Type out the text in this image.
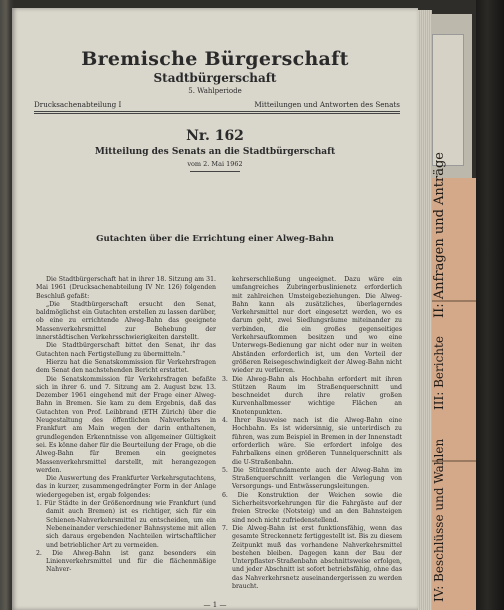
II: Anfragen und Anträge
III: Berichte
IV: Beschlüsse und Wahlen
Bremische Bürgerschaft
Stadtbürgerschaft
5. Wahlperiode
Drucksachenabteilung I	Mitteilungen und Antworten des Senats
Nr. 162
Mitteilung des Senats an die Stadtbürgerschaft
vom 2. Mai 1962
Gutachten über die Errichtung einer Alweg-Bahn

Die Stadtbürgerschaft hat in ihrer 18. Sitzung am 31. Mai 1961 (Drucksachenabteilung IV Nr. 126) folgenden Beschluß gefaßt:

„Die Stadtbürgerschaft ersucht den Senat, baldmöglichst ein Gutachten erstellen zu lassen darüber, ob eine zu errichtende Alweg-Bahn das geeignete Massenverkehrsmittel zur Behebung der innerstädtischen Verkehrsschwierigkeiten darstellt.

Die Stadtbürgerschaft bittet den Senat, ihr das Gutachten nach Fertigstellung zu übermitteln.“

Hierzu hat die Senatskommission für Verkehrsfragen dem Senat den nachstehenden Bericht erstattet.

Die Senatskommission für Verkehrsfragen befaßte sich in ihrer 6. und 7. Sitzung am 2. August bzw. 13. Dezember 1961 eingehend mit der Frage einer Alweg-Bahn in Bremen. Sie kam zu dem Ergebnis, daß das Gutachten von Prof. Leibbrand (ETH Zürich) über die Neugestaltung des öffentlichen Nahverkehrs in Frankfurt am Main wegen der darin enthaltenen, grundlegenden Erkenntnisse von allgemeiner Gültigkeit sei. Es könne daher für die Beurteilung der Frage, ob die Alweg-Bahn für Bremen ein geeignetes Massenverkehrsmittel darstellt, mit herangezogen werden.

Die Auswertung des Frankfurter Verkehrsgutachtens, das in kurzer, zusammengedrängter Form in der Anlage wiedergegeben ist, ergab folgendes:

1. Für Städte in der Größenordnung wie Frankfurt (und damit auch Bremen) ist es richtiger, sich für ein Schienen-Nahverkehrsmittel zu entscheiden, um ein Nebeneinander verschiedener Bahnsysteme mit allen sich daraus ergebenden Nachteilen wirtschaftlicher und betrieblicher Art zu vermeiden.

2. Die Alweg-Bahn ist ganz besonders ein Linienverkehrsmittel und für die flächenmäßige Nahver-

kehrserschließung ungeeignet. Dazu wäre ein umfangreiches Zubringerbuslinienetz erforderlich mit zahlreichen Umsteigebeziehungen. Die Alweg-Bahn kann als zusätzliches, überlagerndes Verkehrsmittel nur dort eingesetzt werden, wo es darum geht, zwei Siedlungsräume miteinander zu verbinden, die ein großes gegenseitiges Verkehrsaufkommen besitzen und wo eine Unterwegs-Bedienung gar nicht oder nur in weiten Abständen erforderlich ist, um den Vorteil der größeren Reisegeschwindigkeit der Alweg-Bahn nicht wieder zu verlieren.

3. Die Alweg-Bahn als Hochbahn erfordert mit ihren Stützen Raum im Straßenquerschnitt und beschneidet durch ihre relativ großen Kurvenhalbmesser wichtige Flächen an Knotenpunkten.

4. Ihrer Bauweise nach ist die Alweg-Bahn eine Hochbahn. Es ist widersinnig, sie unterirdisch zu führen, was zum Beispiel in Bremen in der Innenstadt erforderlich wäre. Sie erfordert infolge des Fahrbalkens einen größeren Tunnelquerschnitt als die U-Straßenbahn.

5. Die Stützenfundamente auch der Alweg-Bahn im Straßenquerschnitt verlangen die Verlegung von Versorgungs- und Entwässerungsleitungen.

6. Die Konstruktion der Weichen sowie die Sicherheitsvorkehrungen für die Fahrgäste auf der freien Strecke (Notsteig) und an den Bahnsteigen sind noch nicht zufriedenstellend.

7. Die Alweg-Bahn ist erst funktionsfähig, wenn das gesamte Streckennetz fertiggestellt ist. Bis zu diesem Zeitpunkt muß das vorhandene Nahverkehrsmittel bestehen bleiben. Dagegen kann der Bau der Unterpflaster-Straßenbahn abschnittsweise erfolgen, und jeder Abschnitt ist sofort betriebsfähig, ohne das das Nahverkehrsnetz auseinandergerissen zu werden braucht.

— 1 —
